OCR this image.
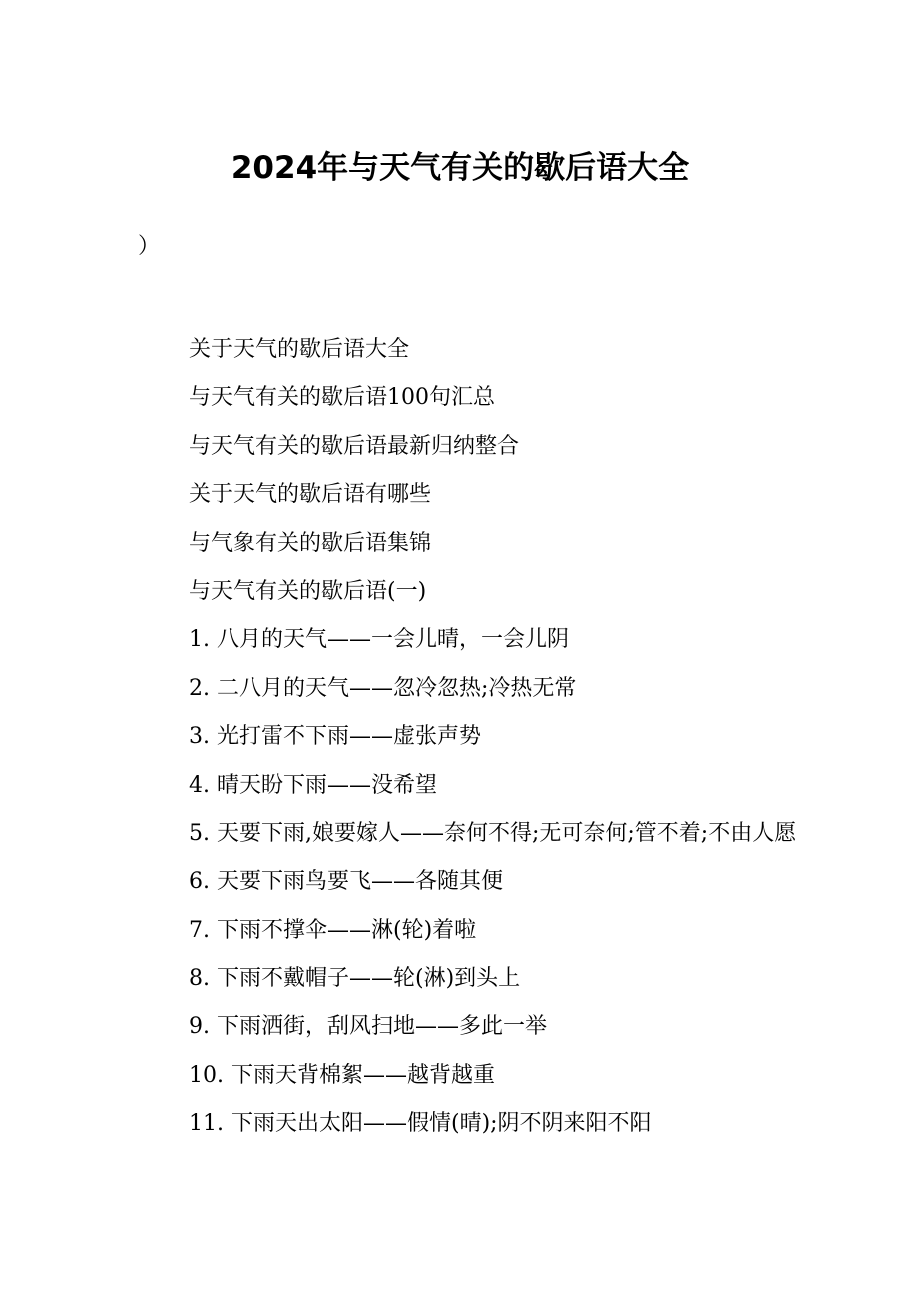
2024年与天气有关的歇后语大全
）
关于天气的歇后语大全
与天气有关的歇后语100句汇总
与天气有关的歇后语最新归纳整合
关于天气的歇后语有哪些
与气象有关的歇后语集锦
与天气有关的歇后语(一)
1. 八月的天气——一会儿晴，一会儿阴
2. 二八月的天气——忽冷忽热;冷热无常
3. 光打雷不下雨——虚张声势
4. 晴天盼下雨——没希望
5. 天要下雨,娘要嫁人——奈何不得;无可奈何;管不着;不由人愿
6. 天要下雨鸟要飞——各随其便
7. 下雨不撑伞——淋(轮)着啦
8. 下雨不戴帽子——轮(淋)到头上
9. 下雨洒街，刮风扫地——多此一举
10. 下雨天背棉絮——越背越重
11. 下雨天出太阳——假情(晴);阴不阴来阳不阳
